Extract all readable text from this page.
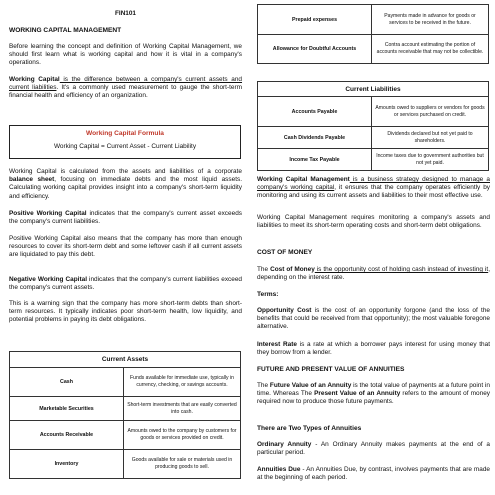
FIN101
WORKING CAPITAL MANAGEMENT

Before learning the concept and definition of Working Capital Management, we should first learn what is working capital and how it is vital in a company's operations.

Working Capital is the difference between a company's current assets and current liabilities. It's a commonly used measurement to gauge the short-term financial health and efficiency of an organization.

Working Capital Formula
Working Capital = Current Asset - Current Liability

Working Capital is calculated from the assets and liabilities of a corporate balance sheet, focusing on immediate debts and the most liquid assets. Calculating working capital provides insight into a company's short-term liquidity and efficiency.

Positive Working Capital indicates that the company's current asset exceeds the company's current liabilities.

Positive Working Capital also means that the company has more than enough resources to cover its short-term debt and some leftover cash if all current assets are liquidated to pay this debt.

Negative Working Capital indicates that the company's current liabilities exceed the company's current assets.

This is a warning sign that the company has more short-term debts than short-term resources. It typically indicates poor short-term health, low liquidity, and potential problems in paying its debt obligations.

Current Assets	
Cash	Funds available for immediate use, typically in currency, checking, or savings accounts.
Marketable Securities	Short-term investments that are easily converted into cash.
Accounts Receivable	Amounts owed to the company by customers for goods or services provided on credit.
Inventory	Goods available for sale or materials used in producing goods to sell.
Prepaid expenses	Payments made in advance for goods or services to be received in the future.
Allowance for Doubtful Accounts	Contra account estimating the portion of accounts receivable that may not be collectible.
Current Liabilities	
Accounts Payable	Amounts owed to suppliers or vendors for goods or services purchased on credit.
Cash Dividends Payable	Dividends declared but not yet paid to shareholders.
Income Tax Payable	Income taxes due to government authorities but not yet paid.

Working Capital Management is a business strategy designed to manage a company's working capital, it ensures that the company operates efficiently by monitoring and using its current assets and liabilities to their most effective use.

Working Capital Management requires monitoring a company's assets and liabilities to meet its short-term operating costs and short-term debt obligations.

COST OF MONEY

The Cost of Money is the opportunity cost of holding cash instead of investing it, depending on the interest rate.

Terms:

Opportunity Cost is the cost of an opportunity forgone (and the loss of the benefits that could be received from that opportunity); the most valuable foregone alternative.

Interest Rate is a rate at which a borrower pays interest for using money that they borrow from a lender.

FUTURE AND PRESENT VALUE OF ANNUITIES

The Future Value of an Annuity is the total value of payments at a future point in time. Whereas The Present Value of an Annuity refers to the amount of money required now to produce those future payments.

There are Two Types of Annuities

Ordinary Annuity - An Ordinary Annuity makes payments at the end of a particular period.

Annuities Due - An Annuities Due, by contrast, involves payments that are made at the beginning of each period.
